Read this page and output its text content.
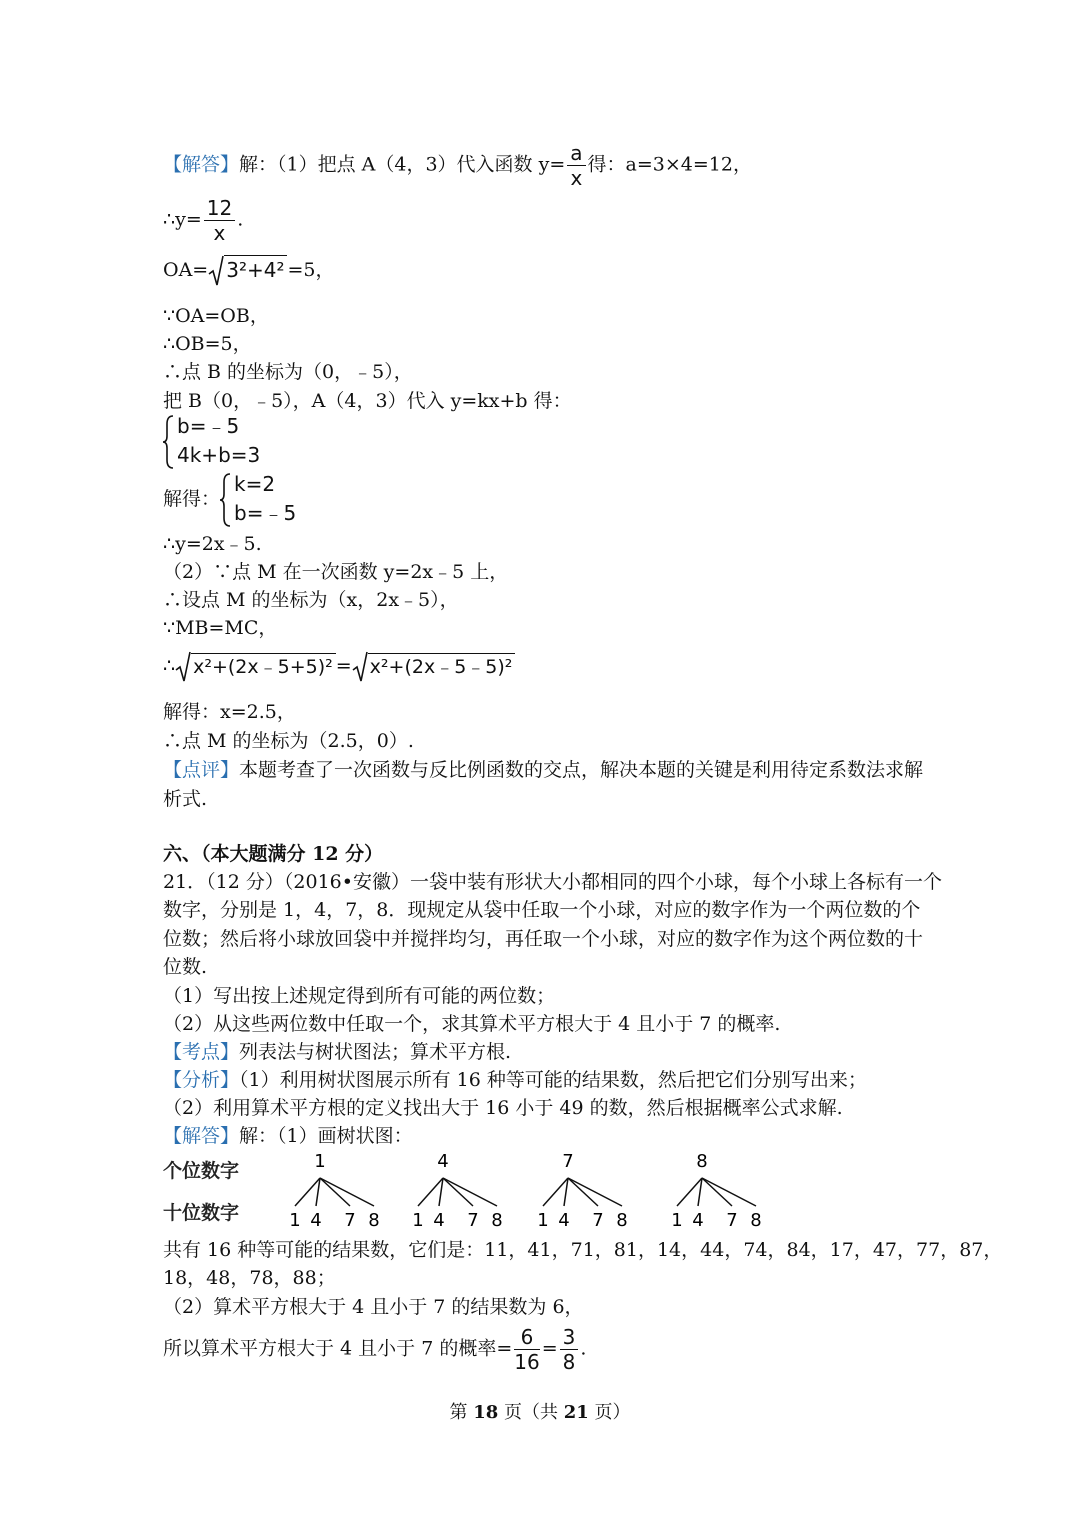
【解答】解：（1）把点 A（4，3）代入函数 $y= \frac{a}{x}$ 得：a=3×4=12，
∴y= $\frac{12}{x}$ .
OA= 3²+4² =5，
∵OA=OB，
∴OB=5，
∴点 B 的坐标为（0，﹣5），
把 B（0，﹣5），A（4，3）代入 y=kx+b 得：
b=﹣5
4k+b=3
解得：
k=2
b=﹣5
∴y=2x﹣5.
（2）∵点 M 在一次函数 y=2x﹣5 上，
∴设点 M 的坐标为（x，2x﹣5），
∵MB=MC，
∴ x²+(2x﹣5+5)² = x²+(2x﹣5﹣5)²
解得：x=2.5，
∴点 M 的坐标为（2.5，0）.
【点评】本题考查了一次函数与反比例函数的交点，解决本题的关键是利用待定系数法求解
析式.
六、（本大题满分 12 分）
21．（12 分）（2016•安徽）一袋中装有形状大小都相同的四个小球，每个小球上各标有一个
数字，分别是 1，4，7，8．现规定从袋中任取一个小球，对应的数字作为一个两位数的个
位数；然后将小球放回袋中并搅拌均匀，再任取一个小球，对应的数字作为这个两位数的十
位数.
（1）写出按上述规定得到所有可能的两位数；
（2）从这些两位数中任取一个，求其算术平方根大于 4 且小于 7 的概率.
【考点】列表法与树状图法；算术平方根.
【分析】（1）利用树状图展示所有 16 种等可能的结果数，然后把它们分别写出来；
（2）利用算术平方根的定义找出大于 16 小于 49 的数，然后根据概率公式求解.
【解答】解：（1）画树状图：
个位数字
十位数字
1
1 4 7 8
4
1 4 7 8
7
1 4 7 8
8
1 4 7 8
共有 16 种等可能的结果数，它们是：11，41，71，81，14，44，74，84，17，47，77，87，
18，48，78，88；
（2）算术平方根大于 4 且小于 7 的结果数为 6，
所以算术平方根大于 4 且小于 7 的概率= $\frac{6}{16} = \frac{3}{8}$ .
第 18 页（共 21 页）
